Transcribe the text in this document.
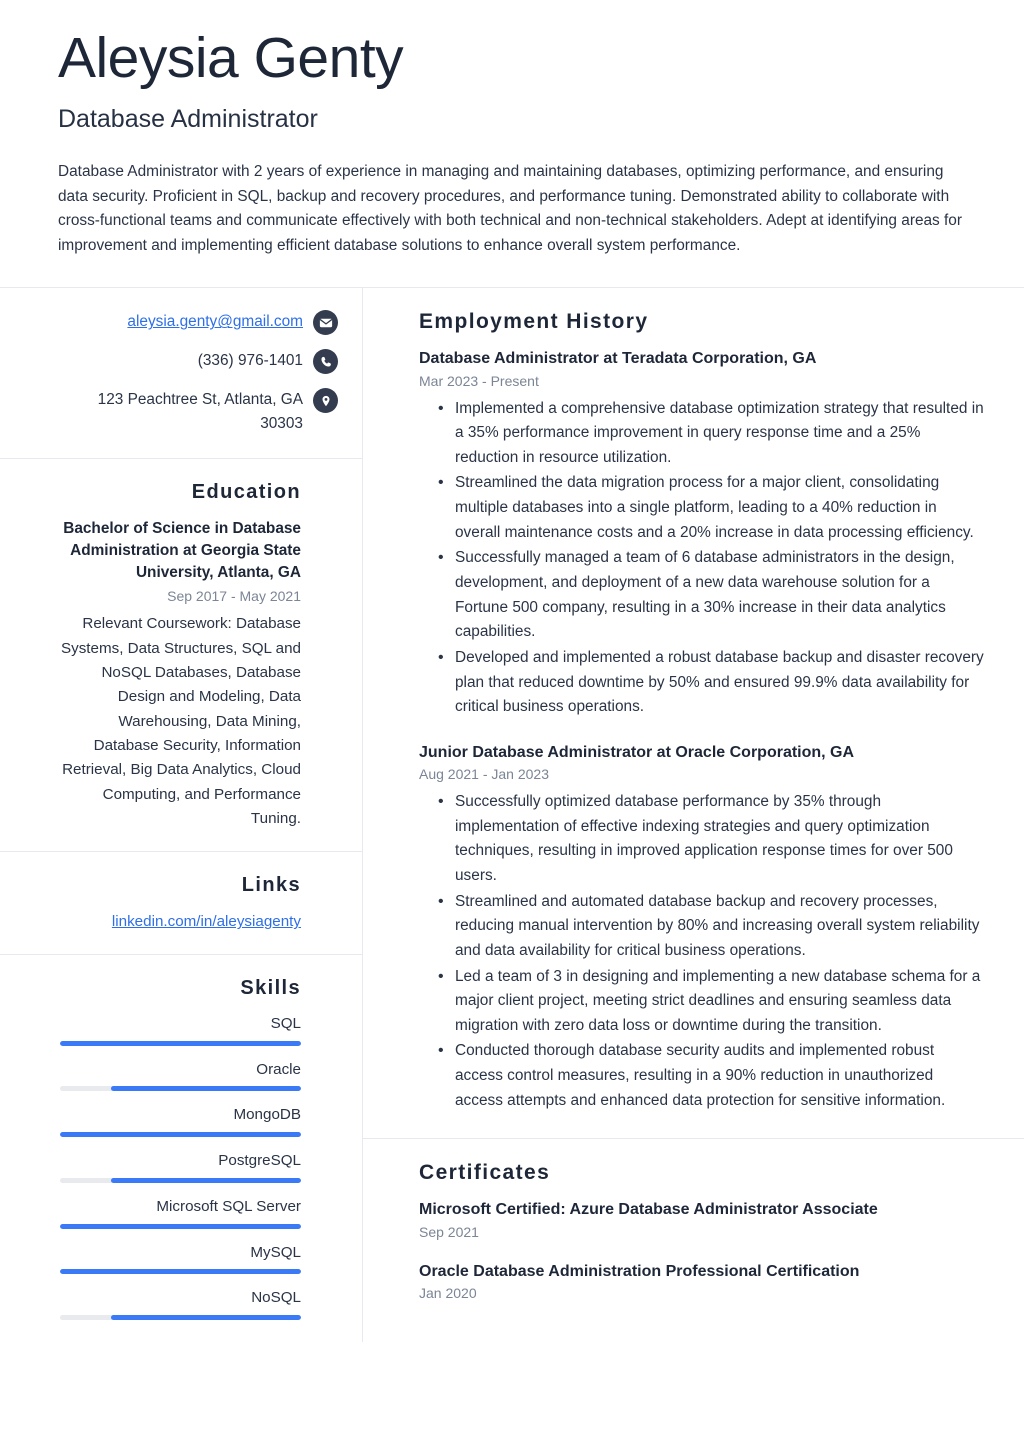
Aleysia Genty
Database Administrator

Database Administrator with 2 years of experience in managing and maintaining databases, optimizing performance, and ensuring data security. Proficient in SQL, backup and recovery procedures, and performance tuning. Demonstrated ability to collaborate with cross-functional teams and communicate effectively with both technical and non-technical stakeholders. Adept at identifying areas for improvement and implementing efficient database solutions to enhance overall system performance.

aleysia.genty@gmail.com
(336) 976-1401
123 Peachtree St, Atlanta, GA 30303
Education
Bachelor of Science in Database Administration at Georgia State University, Atlanta, GA
Sep 2017 - May 2021
Relevant Coursework: Database Systems, Data Structures, SQL and NoSQL Databases, Database Design and Modeling, Data Warehousing, Data Mining, Database Security, Information Retrieval, Big Data Analytics, Cloud Computing, and Performance Tuning.
Links
linkedin.com/in/aleysiagenty
Skills
SQL
Oracle
MongoDB
PostgreSQL
Microsoft SQL Server
MySQL
NoSQL
Employment History
Database Administrator at Teradata Corporation, GA
Mar 2023 - Present
• Implemented a comprehensive database optimization strategy that resulted in a 35% performance improvement in query response time and a 25% reduction in resource utilization.
• Streamlined the data migration process for a major client, consolidating multiple databases into a single platform, leading to a 40% reduction in overall maintenance costs and a 20% increase in data processing efficiency.
• Successfully managed a team of 6 database administrators in the design, development, and deployment of a new data warehouse solution for a Fortune 500 company, resulting in a 30% increase in their data analytics capabilities.
• Developed and implemented a robust database backup and disaster recovery plan that reduced downtime by 50% and ensured 99.9% data availability for critical business operations.
Junior Database Administrator at Oracle Corporation, GA
Aug 2021 - Jan 2023
• Successfully optimized database performance by 35% through implementation of effective indexing strategies and query optimization techniques, resulting in improved application response times for over 500 users.
• Streamlined and automated database backup and recovery processes, reducing manual intervention by 80% and increasing overall system reliability and data availability for critical business operations.
• Led a team of 3 in designing and implementing a new database schema for a major client project, meeting strict deadlines and ensuring seamless data migration with zero data loss or downtime during the transition.
• Conducted thorough database security audits and implemented robust access control measures, resulting in a 90% reduction in unauthorized access attempts and enhanced data protection for sensitive information.
Certificates
Microsoft Certified: Azure Database Administrator Associate
Sep 2021
Oracle Database Administration Professional Certification
Jan 2020
